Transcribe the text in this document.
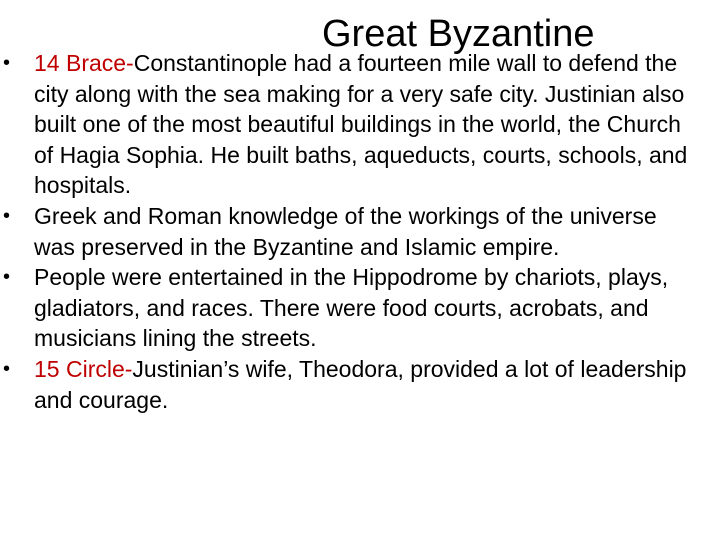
Great Byzantine
• 14 Brace-Constantinople had a fourteen mile wall to defend the city along with the sea making for a very safe city. Justinian also built one of the most beautiful buildings in the world, the Church of Hagia Sophia. He built baths, aqueducts, courts, schools, and hospitals.
• Greek and Roman knowledge of the workings of the universe was preserved in the Byzantine and Islamic empire.
• People were entertained in the Hippodrome by chariots, plays, gladiators, and races. There were food courts, acrobats, and musicians lining the streets.
• 15 Circle-Justinian’s wife, Theodora, provided a lot of leadership and courage.
